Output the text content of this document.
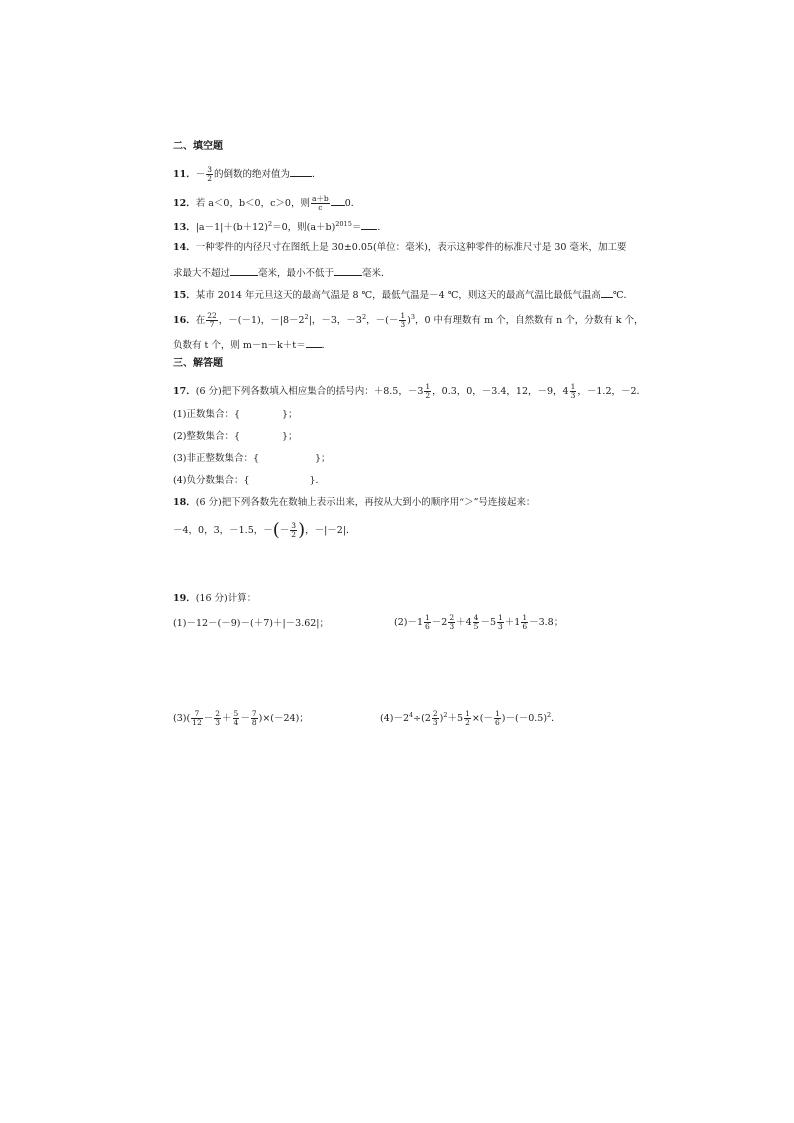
二、填空题
11．－ $\frac{3}{2}$ 的倒数的绝对值为 ．
12．若 a＜0，b＜0，c＞0，则 $\frac{a+b}{c} 0$．
13．$|a-1|+(b+12)^2=0$，则$(a+b)^{2015}=$ ．
14．一种零件的内径尺寸在图纸上是 30±0.05(单位：毫米)，表示这种零件的标准尺寸是 30 毫米，加工要
求最大不超过	毫米，最小不低于	毫米．
15．某市 2014 年元旦这天的最高气温是 8 ℃，最低气温是－4 ℃，则这天的最高气温比最低气温高 ℃．
16．在 $\frac{22}{7}$ ，－(－1)，$-|8-2^2|$，－3，$-3^2$，－(－ $\frac{1}{3} )^3$，0 中有理数有 m 个，自然数有 n 个，分数有 k 个，
负数有 t 个，则 m－n－k＋t＝ ．
三、解答题
17．(6 分)把下列各数填入相应集合的括号内：＋8.5，$-3 \frac{1}{2}$ ，0.3，0，－3.4，12，－9，$4 \frac{1}{3}$ ，－1.2，－2．
(1)正数集合：{	}；
(2)整数集合：{	}；
(3)非正整数集合：{	}；
(4)负分数集合：{	}．
18．(6 分)把下列各数先在数轴上表示出来，再按从大到小的顺序用“＞”号连接起来：
－4，0，3，－1.5，－(－ $\frac{3}{2}$ )，－|－2|．
19．(16 分)计算：
(1)－12－(－9)－(＋7)＋|－3.62|；	$(2)-1 \frac{1}{6} -2 \frac{2}{3} +4 \frac{4}{5} -5 \frac{1}{3} +1 \frac{1}{6} -3.8$；
$(3)( \frac{7}{12} - \frac{2}{3} + \frac{5}{4} - \frac{7}{8} )\times(-24)$；	$(4)-2^4\div(2 \frac{2}{3} )^2+5 \frac{1}{2}$ ×(－ $\frac{1}{6} )-(-0.5)^2$．
